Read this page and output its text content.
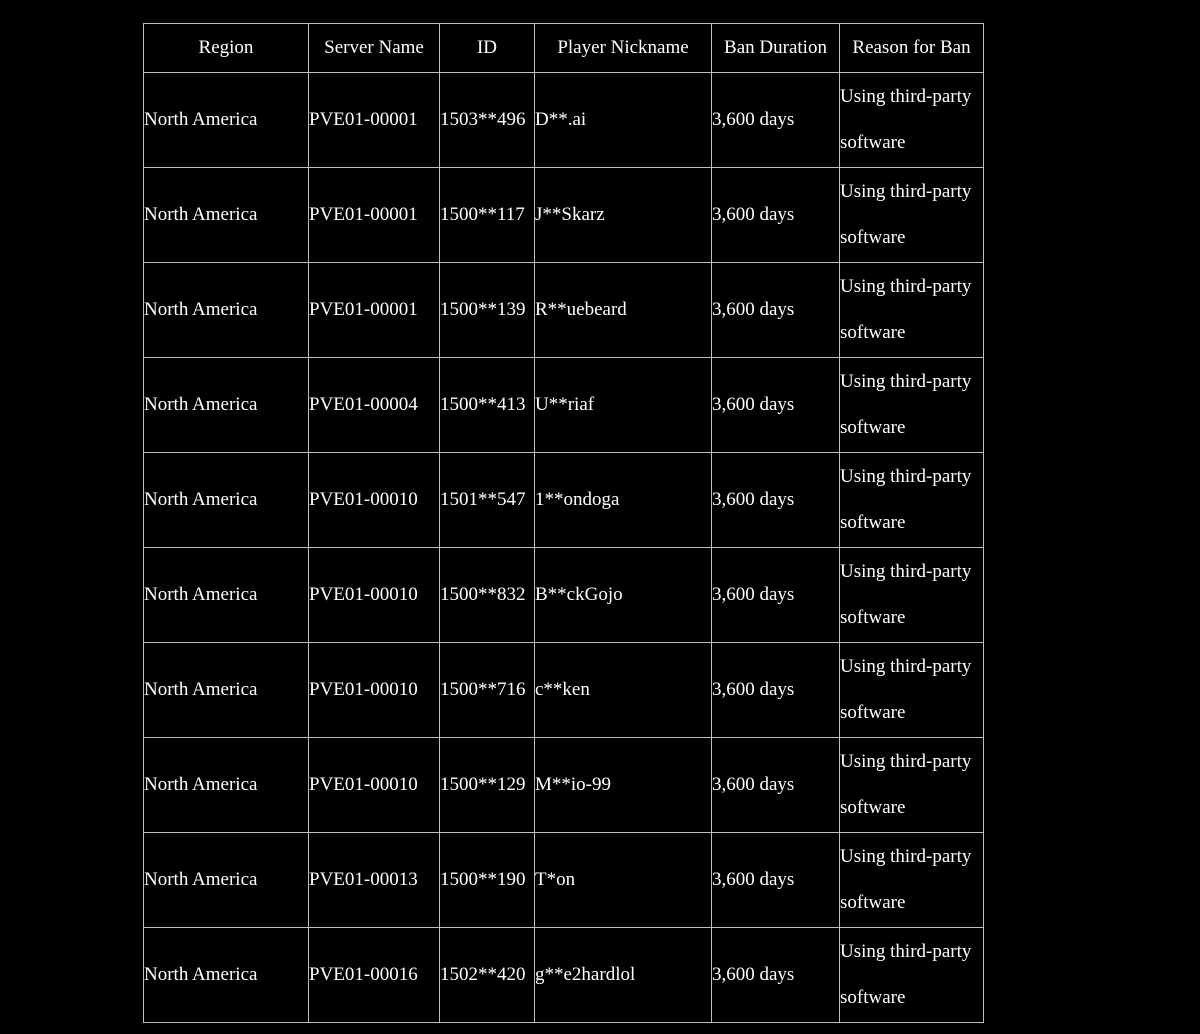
Region	Server Name	ID	Player Nickname	Ban Duration	Reason for Ban
North America	PVE01-00001	1503**496	D**.ai	3,600 days	Using third-party software
North America	PVE01-00001	1500**117	J**Skarz	3,600 days	Using third-party software
North America	PVE01-00001	1500**139	R**uebeard	3,600 days	Using third-party software
North America	PVE01-00004	1500**413	U**riaf	3,600 days	Using third-party software
North America	PVE01-00010	1501**547	1**ondoga	3,600 days	Using third-party software
North America	PVE01-00010	1500**832	B**ckGojo	3,600 days	Using third-party software
North America	PVE01-00010	1500**716	c**ken	3,600 days	Using third-party software
North America	PVE01-00010	1500**129	M**io-99	3,600 days	Using third-party software
North America	PVE01-00013	1500**190	T*on	3,600 days	Using third-party software
North America	PVE01-00016	1502**420	g**e2hardlol	3,600 days	Using third-party software
